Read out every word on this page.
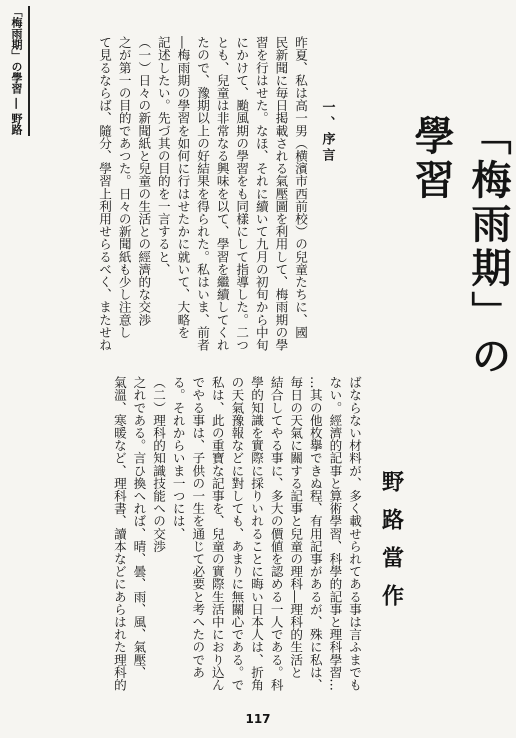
「梅雨期」の學習 ― 野路
「梅雨期」の學習
野路當作
一、序言

昨夏、私は高一男（横濱市西前校）の兒童たちに、國

民新聞に毎日掲載される氣壓圖を利用して、梅雨期の學

習を行はせた。なほ、それに續いて九月の初旬から中旬

にかけて、颱風期の學習をも同樣にして指導した。二つ

とも、兒童は非常なる興味を以て、學習を繼續してくれ

たので、豫期以上の好結果を得られた。私はいま、前者

―梅雨期の學習を如何に行はせたかに就いて、大略を

記述したい。先づ其の目的を一言すると、

（一）日々の新聞紙と兒童の生活との經濟的な交渉

之が第一の目的であつた。日々の新聞紙も少し注意し

て見るならば、隨分、學習上利用せらるべく、またせね

ばならない材料が、多く載せられてある事は言ふまでも

ない。經濟的記事と算術學習、科學的記事と理科學習…

…其の他枚擧できぬ程、有用記事があるが、殊に私は、

毎日の天氣に關する記事と兒童の理科―理科的生活と

結合してやる事に、多大の價値を認める一人である。科

學的知識を實際に採りいれることに晦い日本人は、折角

の天氣豫報などに對しても、あまりに無關心である。で

私は、此の重寶な記事を、兒童の實際生活中におり込ん

でやる事は、子供の一生を通じて必要と考へたのであ

る。それからいま一つには、

（二）理科的知識技能への交渉

之れである。言ひ換へれば、晴、曇、雨、風、氣壓、

氣溫、寒暖など、理科書、讀本などにあらはれた理科的

117
